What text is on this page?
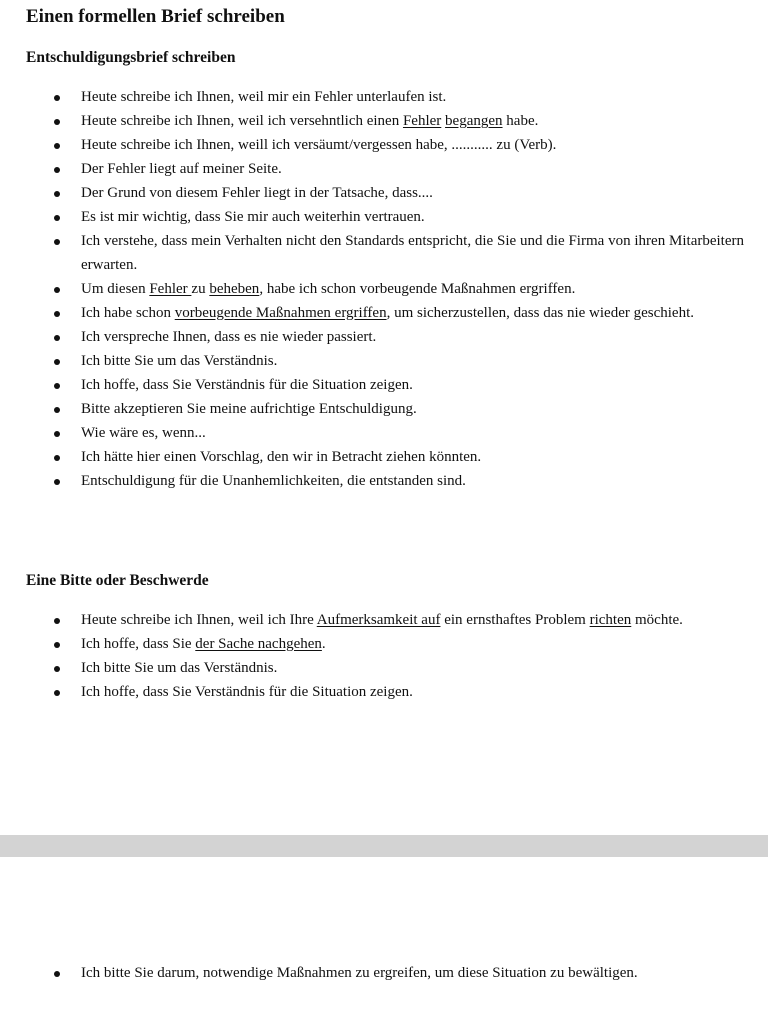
Einen formellen Brief schreiben
Entschuldigungsbrief schreiben
Heute schreibe ich Ihnen, weil mir ein Fehler unterlaufen ist.
Heute schreibe ich Ihnen, weil ich versehntlich einen Fehler begangen habe.
Heute schreibe ich Ihnen, weill ich versäumt/vergessen habe, ........... zu (Verb).
Der Fehler liegt auf meiner Seite.
Der Grund von diesem Fehler liegt in der Tatsache, dass....
Es ist mir wichtig, dass Sie mir auch weiterhin vertrauen.
Ich verstehe, dass mein Verhalten nicht den Standards entspricht, die Sie und die Firma von ihren Mitarbeitern erwarten.
Um diesen Fehler zu beheben, habe ich schon vorbeugende Maßnahmen ergriffen.
Ich habe schon vorbeugende Maßnahmen ergriffen, um sicherzustellen, dass das nie wieder geschieht.
Ich verspreche Ihnen, dass es nie wieder passiert.
Ich bitte Sie um das Verständnis.
Ich hoffe, dass Sie Verständnis für die Situation zeigen.
Bitte akzeptieren Sie meine aufrichtige Entschuldigung.
Wie wäre es, wenn...
Ich hätte hier einen Vorschlag, den wir in Betracht ziehen könnten.
Entschuldigung für die Unanhemlichkeiten, die entstanden sind.
Eine Bitte oder Beschwerde
Heute schreibe ich Ihnen, weil ich Ihre Aufmerksamkeit auf ein ernsthaftes Problem richten möchte.
Ich hoffe, dass Sie der Sache nachgehen.
Ich bitte Sie um das Verständnis.
Ich hoffe, dass Sie Verständnis für die Situation zeigen.
Ich bitte Sie darum, notwendige Maßnahmen zu ergreifen, um diese Situation zu bewältigen.
